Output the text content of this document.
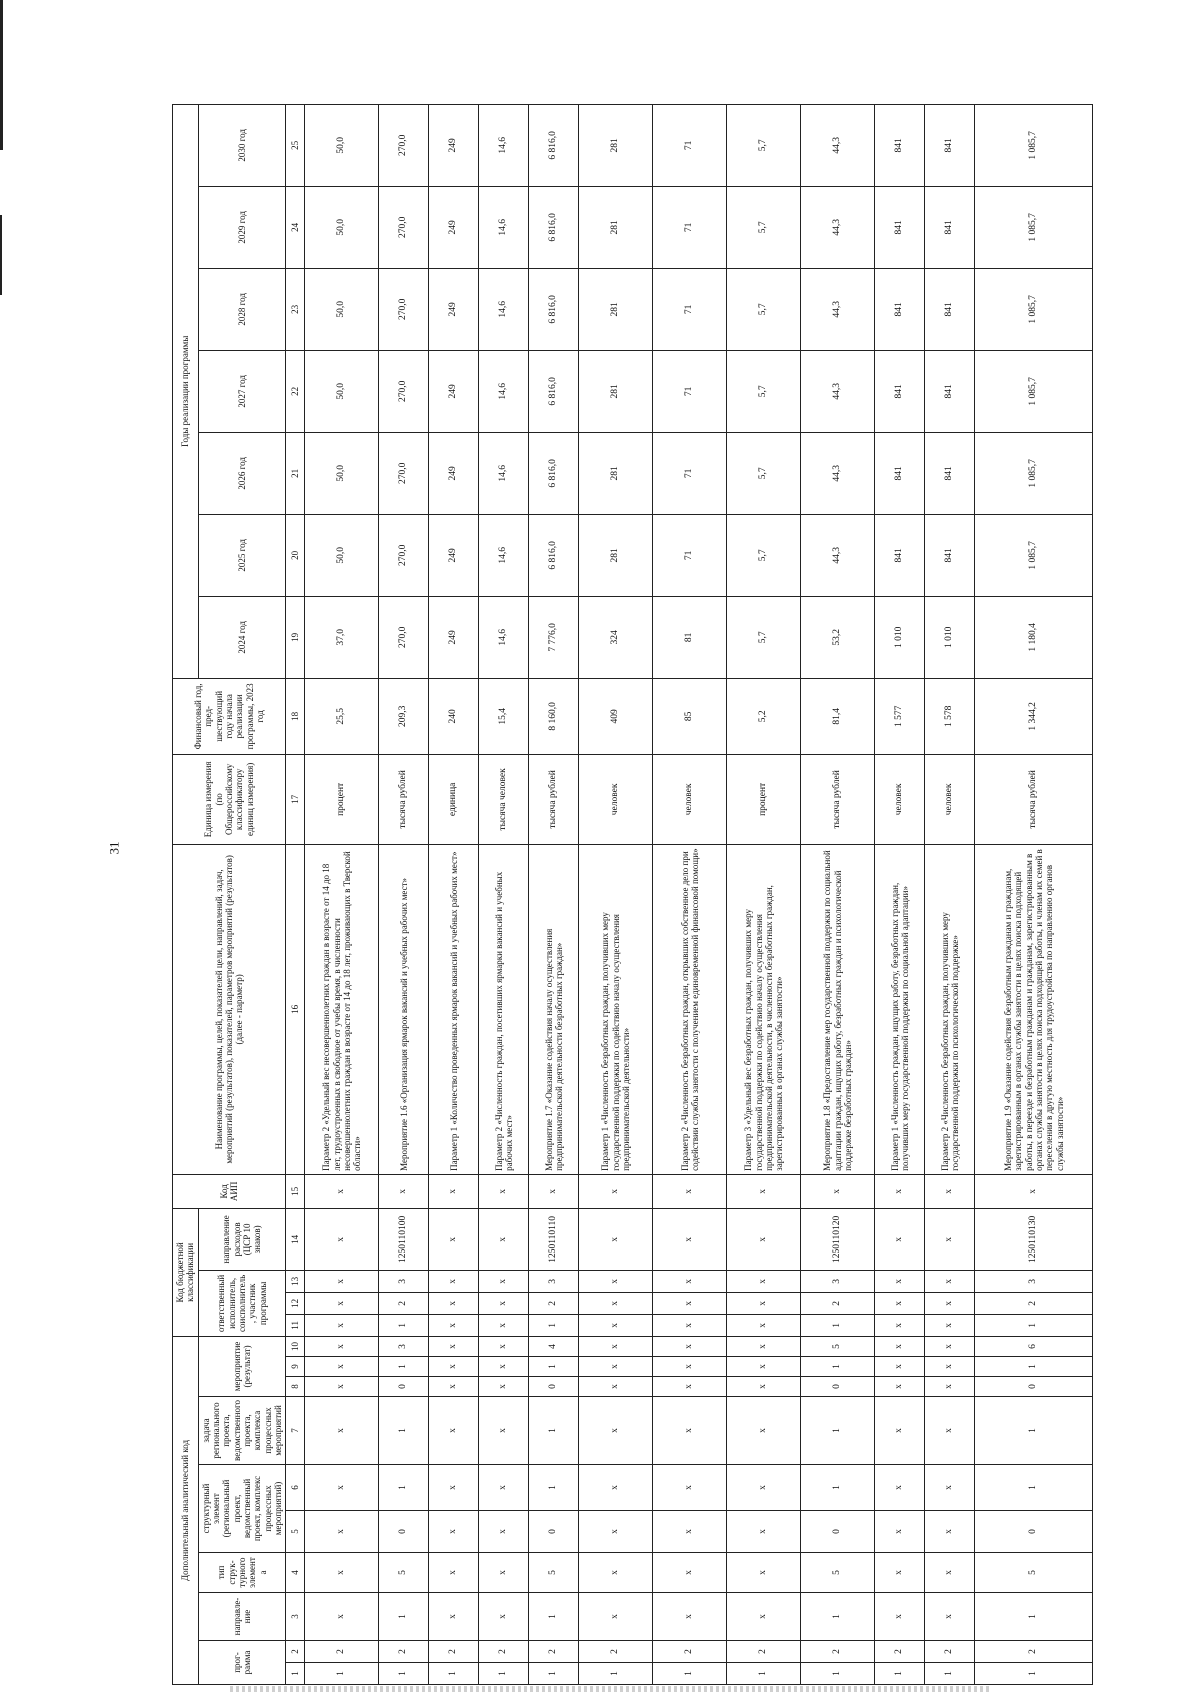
31
Дополнительный аналитический код										Код бюджетной классификации				Код АИП	Наименование программы, целей, показателей цели, направлений, задач, мероприятий (результатов), показателей, параметров мероприятий (результатов) (далее - параметр)	Единица измерения (по Общероссийскому классификатору единиц измерения)	Финансовый год, пред-шествующий году начала реализации программы, 2023 год	Годы реализации программы						
прог-рамма		направле-ние	тип струк-турного элемента	структурный элемент (региональный проект, ведомственный проект, комплекс процессных мероприятий)		задача регионального проекта, ведомственного проекта, комплекса процессных мероприятий	мероприятие (результат)			ответственный исполнитель, соисполнитель, участник программы			направление расходов (ЦСР 10 знаков)					2024 год	2025 год	2026 год	2027 год	2028 год	2029 год	2030 год

1	2	3	4	5	6	7	8	9	10	11	12	13	14	15	16	17	18	19	20	21	22	23	24	25
1	2	х	х	х	х	х	х	х	х	х	х	х	х	х	Параметр 2 «Удельный вес несовершеннолетних граждан в возрасте от 14 до 18 лет, трудоустроенных в свободное от учебы время, в численности несовершеннолетних граждан в возрасте от 14 до 18 лет, проживающих в Тверской области»	процент	25,5	37,0	50,0	50,0	50,0	50,0	50,0	50,0
1	2	1	5	0	1	1	0	1	3	1	2	3	1250110100	х	Мероприятие 1.6 «Организация ярмарок вакансий и учебных рабочих мест»	тысяча рублей	209,3	270,0	270,0	270,0	270,0	270,0	270,0	270,0
1	2	х	х	х	х	х	х	х	х	х	х	х	х	х	Параметр 1 «Количество проведенных ярмарок вакансий и учебных рабочих мест»	единица	240	249	249	249	249	249	249	249
1	2	х	х	х	х	х	х	х	х	х	х	х	х	х	Параметр 2 «Численность граждан, посетивших ярмарки вакансий и учебных рабочих мест»	тысяча человек	15,4	14,6	14,6	14,6	14,6	14,6	14,6	14,6
1	2	1	5	0	1	1	0	1	4	1	2	3	1250110110	х	Мероприятие 1.7 «Оказание содействия началу осуществления предпринимательской деятельности безработных граждан»	тысяча рублей	8 160,0	7 776,0	6 816,0	6 816,0	6 816,0	6 816,0	6 816,0	6 816,0
1	2	х	х	х	х	х	х	х	х	х	х	х	х	х	Параметр 1 «Численность безработных граждан, получивших меру государственной поддержки по содействию началу осуществления предпринимательской деятельности»	человек	409	324	281	281	281	281	281	281
1	2	х	х	х	х	х	х	х	х	х	х	х	х	х	Параметр 2 «Численность безработных граждан, открывших собственное дело при содействии службы занятости с получением единовременной финансовой помощи»	человек	85	81	71	71	71	71	71	71
1	2	х	х	х	х	х	х	х	х	х	х	х	х	х	Параметр 3 «Удельный вес безработных граждан, получивших меру государственной поддержки по содействию началу осуществления предпринимательской деятельности, в численности безработных граждан, зарегистрированных в органах службы занятости»	процент	5,2	5,7	5,7	5,7	5,7	5,7	5,7	5,7
1	2	1	5	0	1	1	0	1	5	1	2	3	1250110120	х	Мероприятие 1.8 «Предоставление мер государственной поддержки по социальной адаптации граждан, ищущих работу, безработных граждан и психологической поддержке безработных граждан»	тысяча рублей	81,4	53,2	44,3	44,3	44,3	44,3	44,3	44,3
1	2	х	х	х	х	х	х	х	х	х	х	х	х	х	Параметр 1 «Численность граждан, ищущих работу, безработных граждан, получивших меру государственной поддержки по социальной адаптации»	человек	1 577	1 010	841	841	841	841	841	841
1	2	х	х	х	х	х	х	х	х	х	х	х	х	х	Параметр 2 «Численность безработных граждан, получивших меру государственной поддержки по психологической поддержке»	человек	1 578	1 010	841	841	841	841	841	841
1	2	1	5	0	1	1	0	1	6	1	2	3	1250110130	х	Мероприятие 1.9 «Оказание содействия безработным гражданам и гражданам, зарегистрированным в органах службы занятости в целях поиска подходящей работы, в переезде и безработным гражданам и гражданам, зарегистрированным в органах службы занятости в целях поиска подходящей работы, и членам их семей в переселении в другую местность для трудоустройства по направлению органов службы занятости»	тысяча рублей	1 344,2	1 180,4	1 085,7	1 085,7	1 085,7	1 085,7	1 085,7	1 085,7
